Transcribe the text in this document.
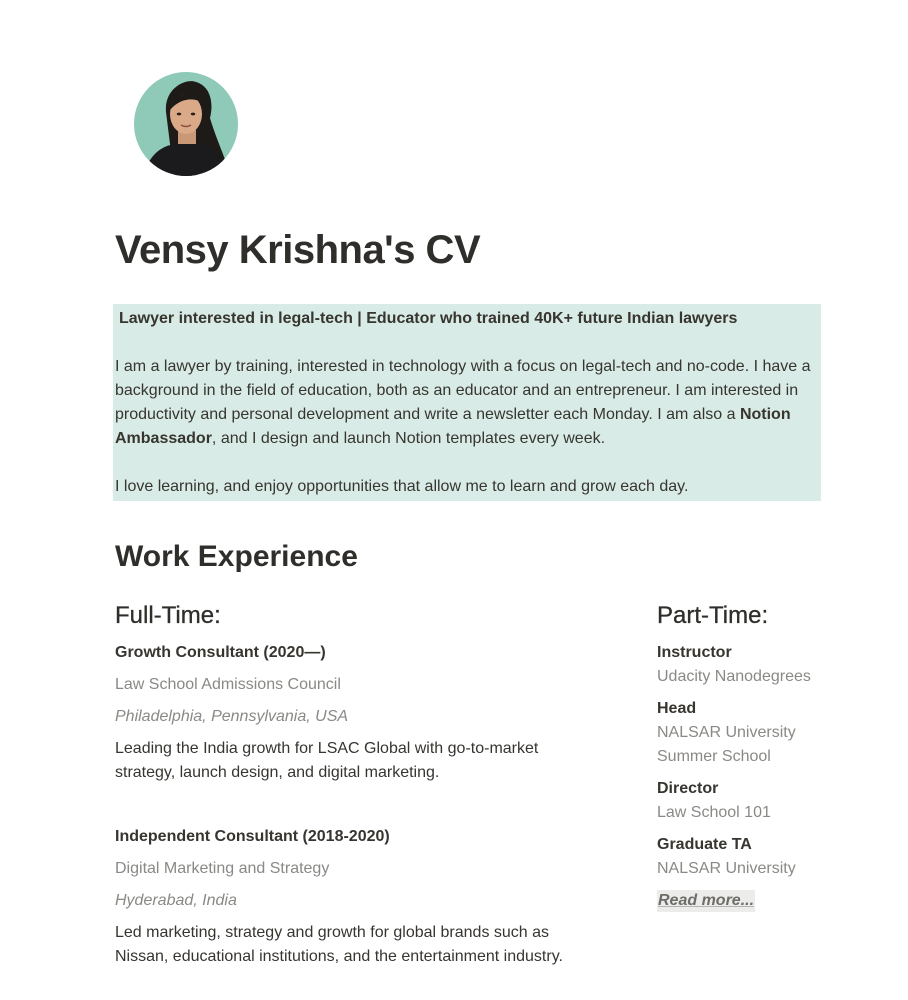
Vensy Krishna's CV

Lawyer interested in legal-tech | Educator who trained 40K+ future Indian lawyers

I am a lawyer by training, interested in technology with a focus on legal-tech and no-code. I have a background in the field of education, both as an educator and an entrepreneur. I am interested in productivity and personal development and write a newsletter each Monday. I am also a Notion Ambassador, and I design and launch Notion templates every week.

I love learning, and enjoy opportunities that allow me to learn and grow each day.

Work Experience
Full-Time:	Part-Time:

Growth Consultant (2020—)

Law School Admissions Council

Philadelphia, Pennsylvania, USA

Leading the India growth for LSAC Global with go-to-market strategy, launch design, and digital marketing.

Independent Consultant (2018-2020)

Digital Marketing and Strategy

Hyderabad, India

Led marketing, strategy and growth for global brands such as Nissan, educational institutions, and the entertainment industry.

Instructor

Udacity Nanodegrees

Head

NALSAR University Summer School

Director

Law School 101

Graduate TA

NALSAR University

Read more...
